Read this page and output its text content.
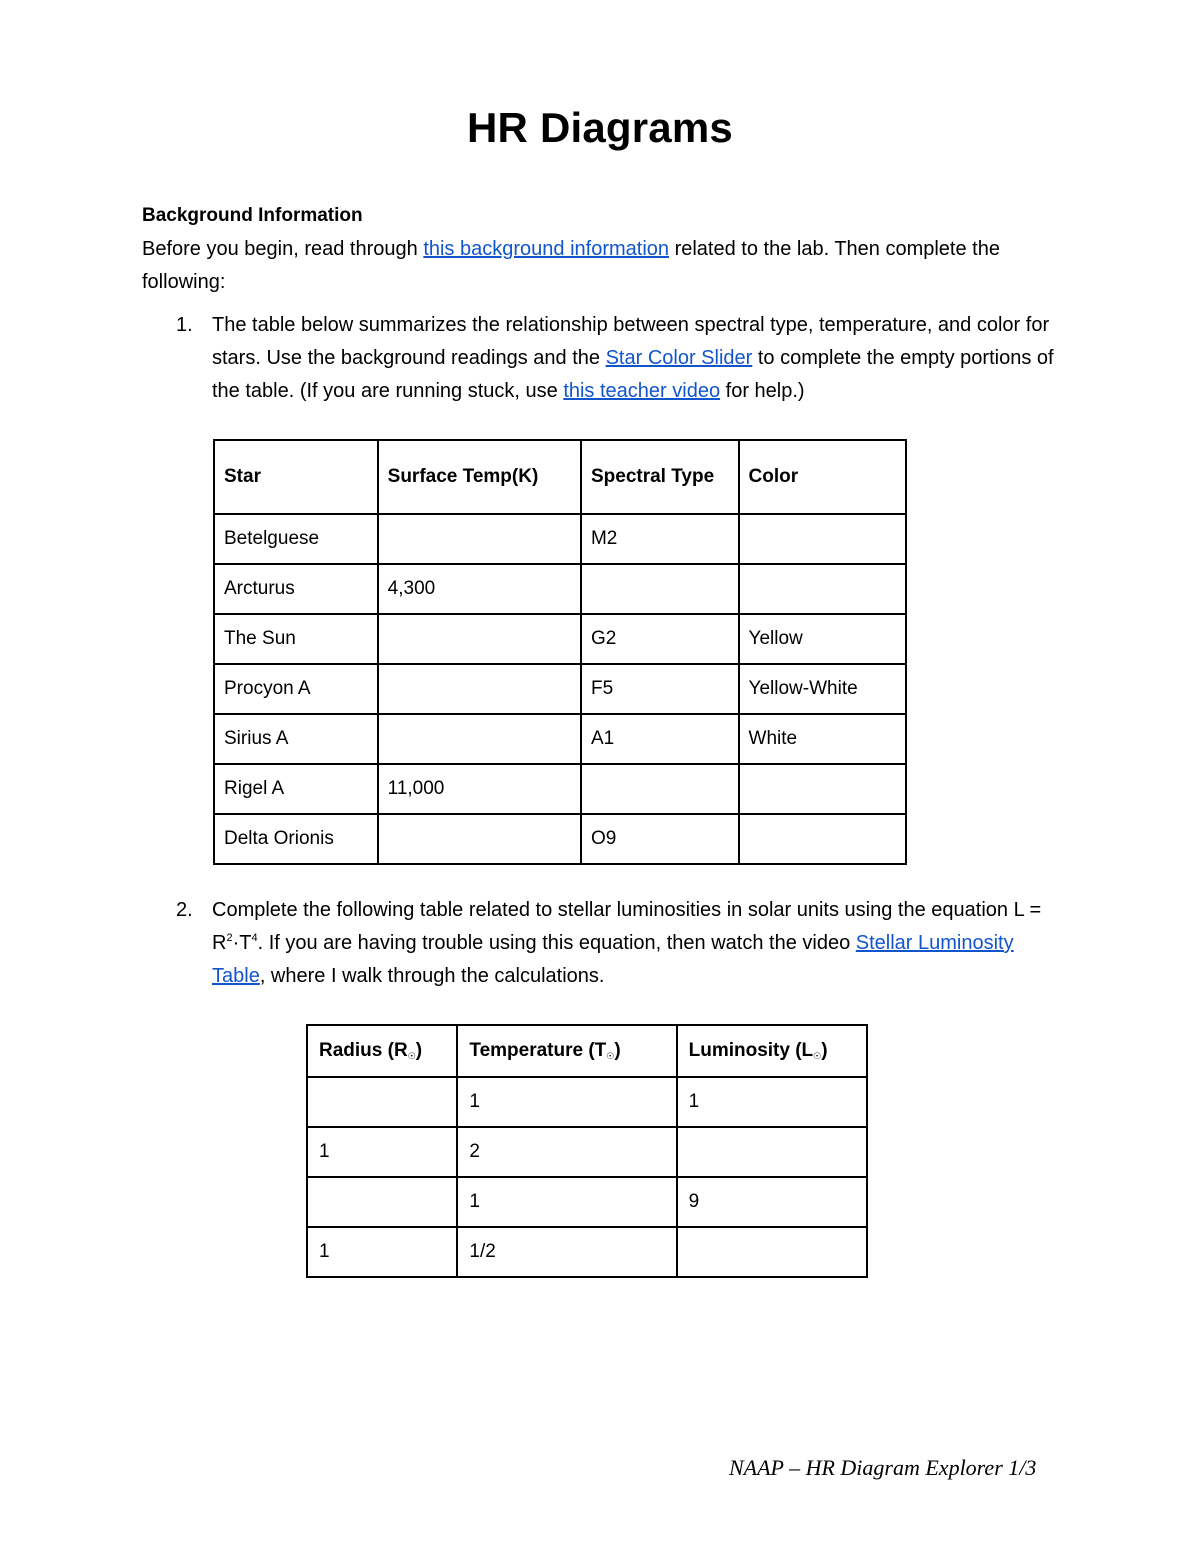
HR Diagrams
Background Information
Before you begin, read through this background information related to the lab. Then complete the following:
1. The table below summarizes the relationship between spectral type, temperature, and color for stars. Use the background readings and the Star Color Slider to complete the empty portions of the table. (If you are running stuck, use this teacher video for help.)
Star	Surface Temp(K)	Spectral Type	Color
Betelguese		M2	
Arcturus	4,300		
The Sun		G2	Yellow
Procyon A		F5	Yellow-White
Sirius A		A1	White
Rigel A	11,000		
Delta Orionis		O9	
2. Complete the following table related to stellar luminosities in solar units using the equation $L = R^2\cdot T^4$. If you are having trouble using this equation, then watch the video Stellar Luminosity Table, where I walk through the calculations.
Radius $(R_☉)$	Temperature $(T_☉)$	Luminosity $(L_☉)$
	1	1
1	2	
	1	9
1	1/2	
NAAP – HR Diagram Explorer 1/3
